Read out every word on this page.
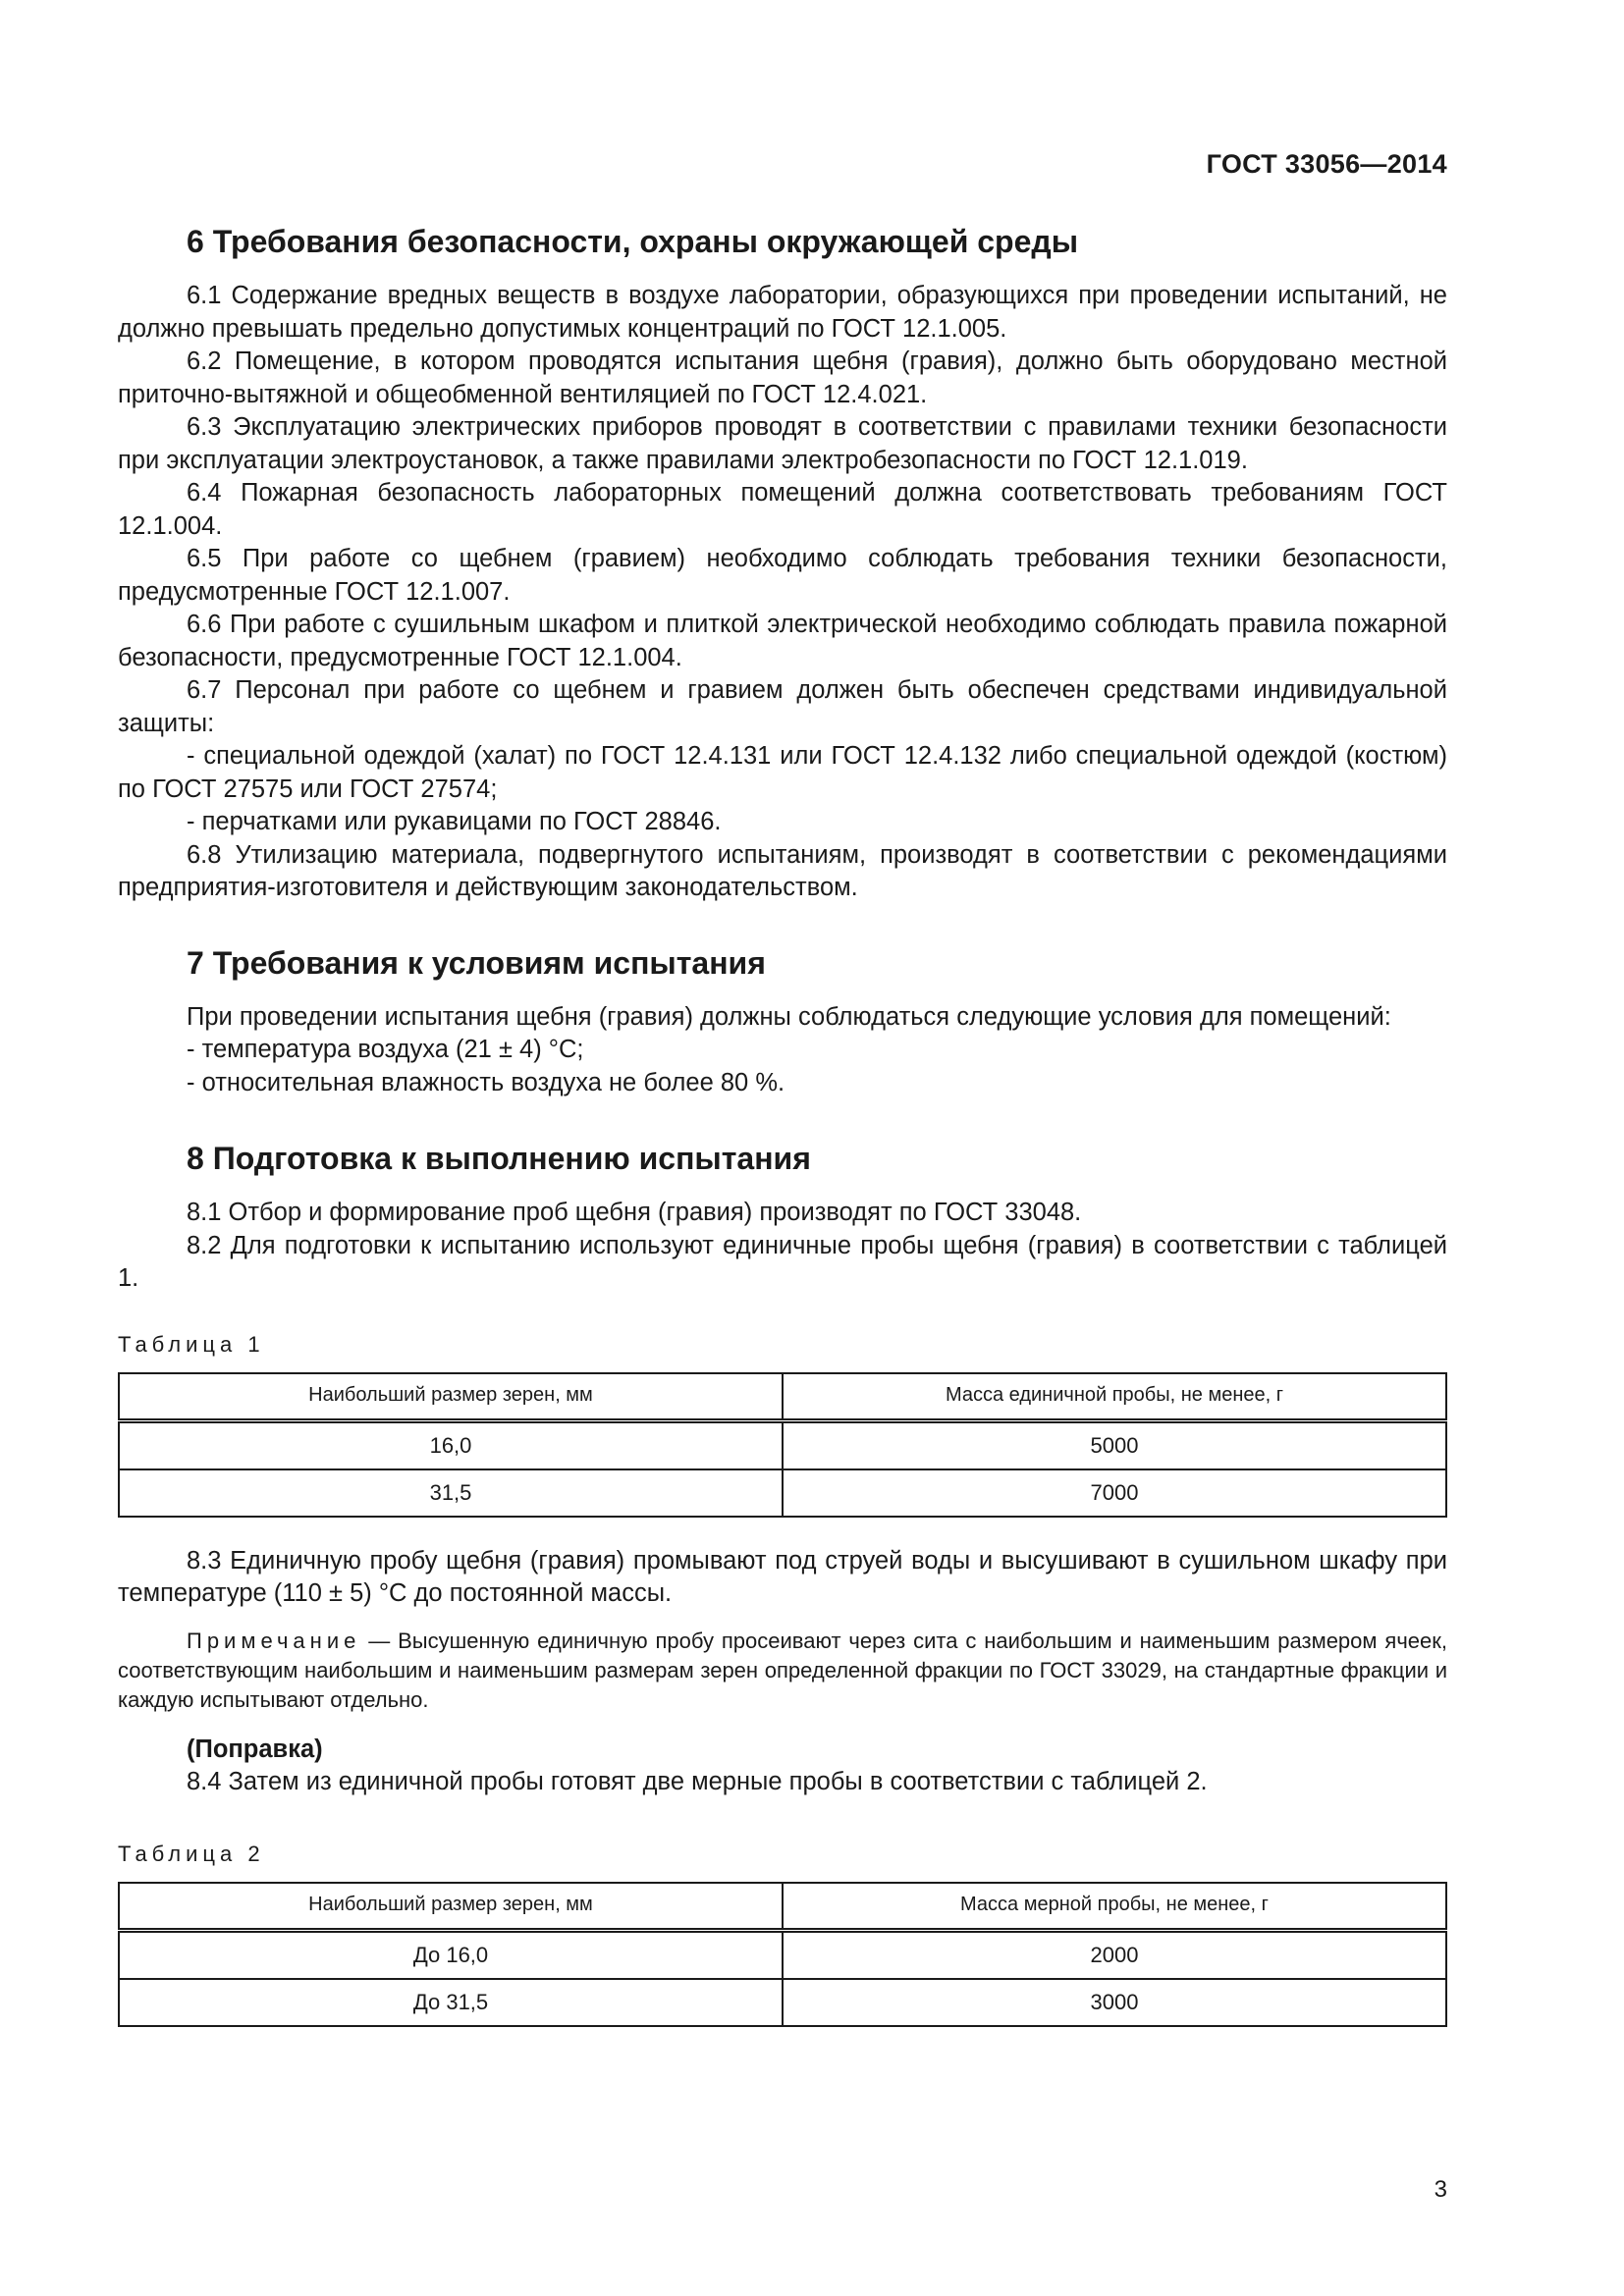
ГОСТ 33056—2014
6 Требования безопасности, охраны окружающей среды

6.1 Содержание вредных веществ в воздухе лаборатории, образующихся при проведении испытаний, не должно превышать предельно допустимых концентраций по ГОСТ 12.1.005.

6.2 Помещение, в котором проводятся испытания щебня (гравия), должно быть оборудовано местной приточно-вытяжной и общеобменной вентиляцией по ГОСТ 12.4.021.

6.3 Эксплуатацию электрических приборов проводят в соответствии с правилами техники безопасности при эксплуатации электроустановок, а также правилами электробезопасности по ГОСТ 12.1.019.

6.4 Пожарная безопасность лабораторных помещений должна соответствовать требованиям ГОСТ 12.1.004.

6.5 При работе со щебнем (гравием) необходимо соблюдать требования техники безопасности, предусмотренные ГОСТ 12.1.007.

6.6 При работе с сушильным шкафом и плиткой электрической необходимо соблюдать правила пожарной безопасности, предусмотренные ГОСТ 12.1.004.

6.7 Персонал при работе со щебнем и гравием должен быть обеспечен средствами индивидуальной защиты:

- специальной одеждой (халат) по ГОСТ 12.4.131 или ГОСТ 12.4.132 либо специальной одеждой (костюм) по ГОСТ 27575 или ГОСТ 27574;

- перчатками или рукавицами по ГОСТ 28846.

6.8 Утилизацию материала, подвергнутого испытаниям, производят в соответствии с рекомендациями предприятия-изготовителя и действующим законодательством.

7 Требования к условиям испытания

При проведении испытания щебня (гравия) должны соблюдаться следующие условия для помещений:

- температура воздуха (21 ± 4) °С;

- относительная влажность воздуха не более 80 %.

8 Подготовка к выполнению испытания

8.1 Отбор и формирование проб щебня (гравия) производят по ГОСТ 33048.

8.2 Для подготовки к испытанию используют единичные пробы щебня (гравия) в соответствии с таблицей 1.

Таблица 1
Наибольший размер зерен, мм	Масса единичной пробы, не менее, г
16,0	5000
31,5	7000

8.3 Единичную пробу щебня (гравия) промывают под струей воды и высушивают в сушильном шкафу при температуре (110 ± 5) °С до постоянной массы.

Примечание — Высушенную единичную пробу просеивают через сита с наибольшим и наименьшим размером ячеек, соответствующим наибольшим и наименьшим размерам зерен определенной фракции по ГОСТ 33029, на стандартные фракции и каждую испытывают отдельно.

(Поправка)

8.4 Затем из единичной пробы готовят две мерные пробы в соответствии с таблицей 2.

Таблица 2
Наибольший размер зерен, мм	Масса мерной пробы, не менее, г
До 16,0	2000
До 31,5	3000
3
